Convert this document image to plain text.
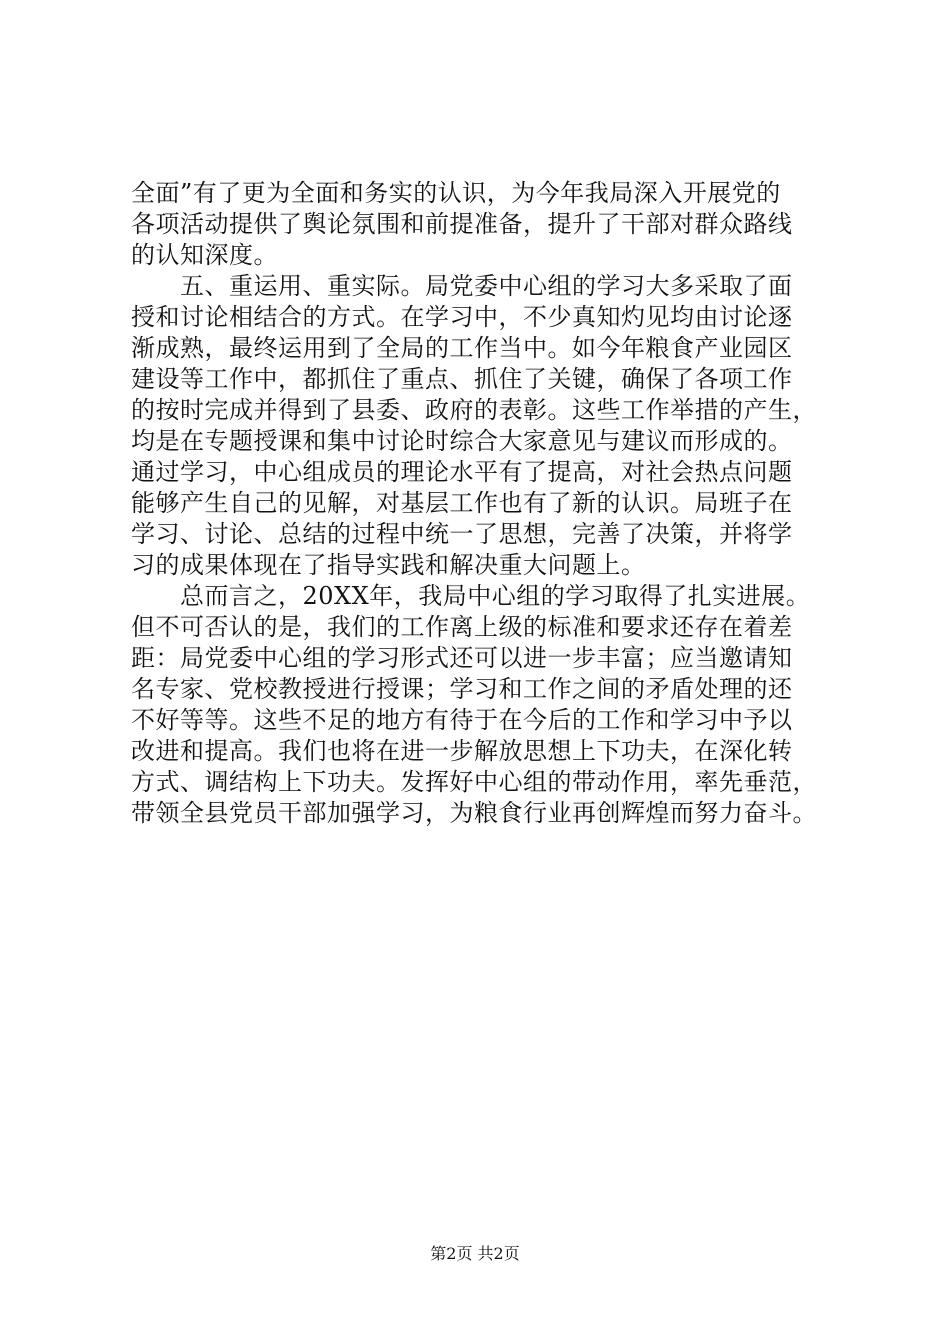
全面”有了更为全面和务实的认识，为今年我局深入开展党的
各项活动提供了舆论氛围和前提准备，提升了干部对群众路线
的认知深度。
　　五、重运用、重实际。局党委中心组的学习大多采取了面
授和讨论相结合的方式。在学习中，不少真知灼见均由讨论逐
渐成熟，最终运用到了全局的工作当中。如今年粮食产业园区
建设等工作中，都抓住了重点、抓住了关键，确保了各项工作
的按时完成并得到了县委、政府的表彰。这些工作举措的产生，
均是在专题授课和集中讨论时综合大家意见与建议而形成的。
通过学习，中心组成员的理论水平有了提高，对社会热点问题
能够产生自己的见解，对基层工作也有了新的认识。局班子在
学习、讨论、总结的过程中统一了思想，完善了决策，并将学
习的成果体现在了指导实践和解决重大问题上。
　　总而言之，20XX年，我局中心组的学习取得了扎实进展。
但不可否认的是，我们的工作离上级的标准和要求还存在着差
距：局党委中心组的学习形式还可以进一步丰富；应当邀请知
名专家、党校教授进行授课；学习和工作之间的矛盾处理的还
不好等等。这些不足的地方有待于在今后的工作和学习中予以
改进和提高。我们也将在进一步解放思想上下功夫，在深化转
方式、调结构上下功夫。发挥好中心组的带动作用，率先垂范，
带领全县党员干部加强学习，为粮食行业再创辉煌而努力奋斗。
第2页 共2页
